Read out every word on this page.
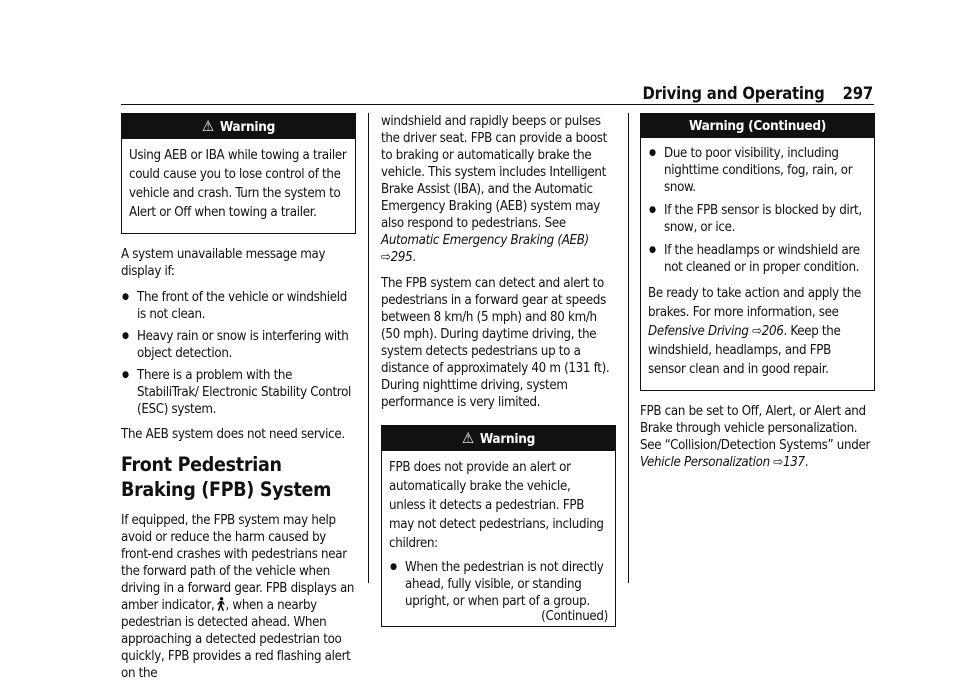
Driving and Operating 297
⚠ Warning

Using AEB or IBA while towing a trailer could cause you to lose control of the vehicle and crash. Turn the system to Alert or Off when towing a trailer.

A system unavailable message may display if:

● The front of the vehicle or windshield is not clean.
● Heavy rain or snow is interfering with object detection.
● There is a problem with the StabiliTrak/ Electronic Stability Control (ESC) system.

The AEB system does not need service.

Front Pedestrian Braking (FPB) System

If equipped, the FPB system may help avoid or reduce the harm caused by front-end crashes with pedestrians near the forward path of the vehicle when driving in a forward gear. FPB displays an amber indicator, , when a nearby pedestrian is detected ahead. When approaching a detected pedestrian too quickly, FPB provides a red flashing alert on the

windshield and rapidly beeps or pulses the driver seat. FPB can provide a boost to braking or automatically brake the vehicle. This system includes Intelligent Brake Assist (IBA), and the Automatic Emergency Braking (AEB) system may also respond to pedestrians. See Automatic Emergency Braking (AEB) ⇨295.

The FPB system can detect and alert to pedestrians in a forward gear at speeds between 8 km/h (5 mph) and 80 km/h (50 mph). During daytime driving, the system detects pedestrians up to a distance of approximately 40 m (131 ft). During nighttime driving, system performance is very limited.

⚠ Warning

FPB does not provide an alert or automatically brake the vehicle, unless it detects a pedestrian. FPB may not detect pedestrians, including children:

● When the pedestrian is not directly ahead, fully visible, or standing upright, or when part of a group.
(Continued)
Warning (Continued)
● Due to poor visibility, including nighttime conditions, fog, rain, or snow.
● If the FPB sensor is blocked by dirt, snow, or ice.
● If the headlamps or windshield are not cleaned or in proper condition.

Be ready to take action and apply the brakes. For more information, see Defensive Driving ⇨206. Keep the windshield, headlamps, and FPB sensor clean and in good repair.

FPB can be set to Off, Alert, or Alert and Brake through vehicle personalization. See “Collision/Detection Systems” under Vehicle Personalization ⇨137.
